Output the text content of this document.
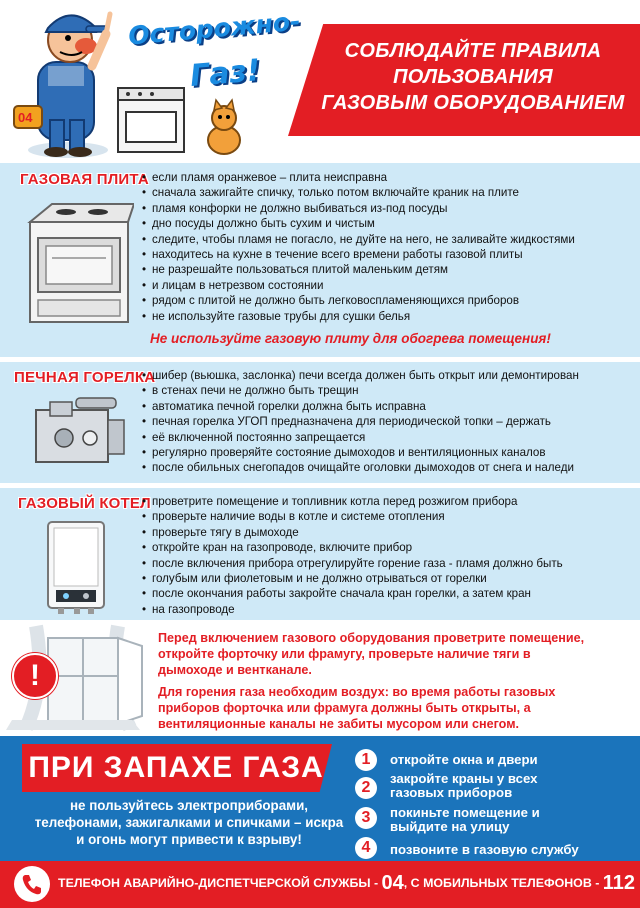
04
Осторожно-
Газ!
СОБЛЮДАЙТЕ ПРАВИЛА
ПОЛЬЗОВАНИЯ
ГАЗОВЫМ ОБОРУДОВАНИЕМ
ГАЗОВАЯ ПЛИТА • если пламя оранжевое – плита неисправна
• сначала зажигайте спичку, только потом включайте краник на плите
• пламя конфорки не должно выбиваться из-под посуды
• дно посуды должно быть сухим и чистым
• следите, чтобы пламя не погасло, не дуйте на него, не заливайте жидкостями
• находитесь на кухне в течение всего времени работы газовой плиты
• не разрешайте пользоваться плитой маленьким детям
• и лицам в нетрезвом состоянии
• рядом с плитой не должно быть легковоспламеняющихся приборов
• не используйте газовые трубы для сушки белья
Не используйте газовую плиту для обогрева помещения!
ПЕЧНАЯ ГОРЕЛКА
• шибер (вьюшка, заслонка) печи всегда должен быть открыт или демонтирован
• в стенах печи не должно быть трещин
• автоматика печной горелки должна быть исправна
• печная горелка УГОП предназначена для периодической топки – держать
• её включенной постоянно запрещается
• регулярно проверяйте состояние дымоходов и вентиляционных каналов
• после обильных снегопадов очищайте оголовки дымоходов от снега и наледи
ГАЗОВЫЙ КОТЕЛ • проветрите помещение и топливник котла перед розжигом прибора
• проверьте наличие воды в котле и системе отопления
• проверьте тягу в дымоходе
• откройте кран на газопроводе, включите прибор
• после включения прибора отрегулируйте горение газа - пламя должно быть
• голубым или фиолетовым и не должно отрываться от горелки
• после окончания работы закройте сначала кран горелки, а затем кран
• на газопроводе
!

Перед включением газового оборудования проветрите помещение, откройте форточку или фрамугу, проверьте наличие тяги в дымоходе и вентканале.

Для горения газа необходим воздух: во время работы газовых приборов форточка или фрамуга должны быть открыты, а вентиляционные каналы не забиты мусором или снегом.

ПРИ ЗАПАХЕ ГАЗА
не пользуйтесь электроприборами, телефонами, зажигалками и спичками – искра и огонь могут привести к взрыву!
1	откройте окна и двери
2
закройте краны у всех газовых приборов
3	покиньте помещение и выйдите на улицу
4	позвоните в газовую службу
ТЕЛЕФОН АВАРИЙНО-ДИСПЕТЧЕРСКОЙ СЛУЖБЫ - 04, С МОБИЛЬНЫХ ТЕЛЕФОНОВ - 112
